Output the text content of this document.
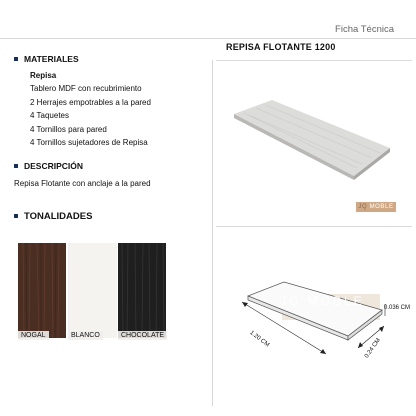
Ficha Técnica
MATERIALES
Repisa
Tablero MDF con recubrimiento
2 Herrajes empotrables a la pared
4 Taquetes
4 Tornillos para pared
4 Tornillos sujetadores de Repisa
DESCRIPCIÓN
Repisa Flotante con anclaje a la pared
TONALIDADES
NOGAL	BLANCO	CHOCOLATE
REPISA FLOTANTE 1200
JQ MOBLE
JQ MOBLE	0.036 CM
1.20 CM	0.24 CM
